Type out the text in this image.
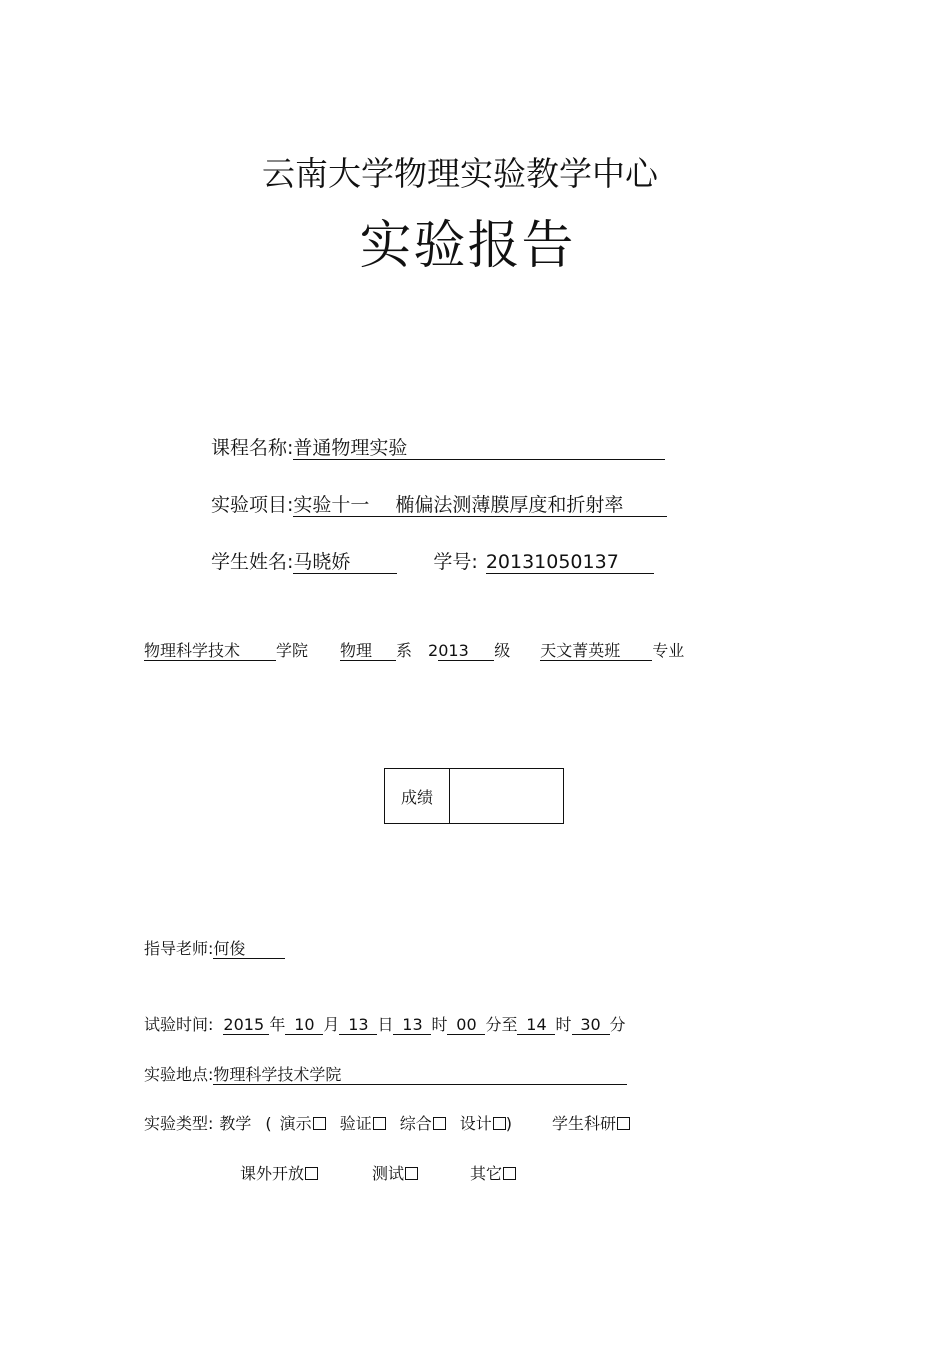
云南大学物理实验教学中心
实验报告
课程名称:普通物理实验
实验项目:实验十一 椭偏法测薄膜厚度和折射率
学生姓名:马晓娇	学号: 20131050137
物理科学技术 学院 物理 系 2013 级 天文菁英班 专业
成绩
指导老师:何俊
试验时间: 2015 年 10 月 13 日 13 时 00 分至 14 时 30 分
实验地点:物理科学技术学院
实验类型: 教学 ( 演示 验证 综合 设计 )	学生科研
课外开放	测试	其它
